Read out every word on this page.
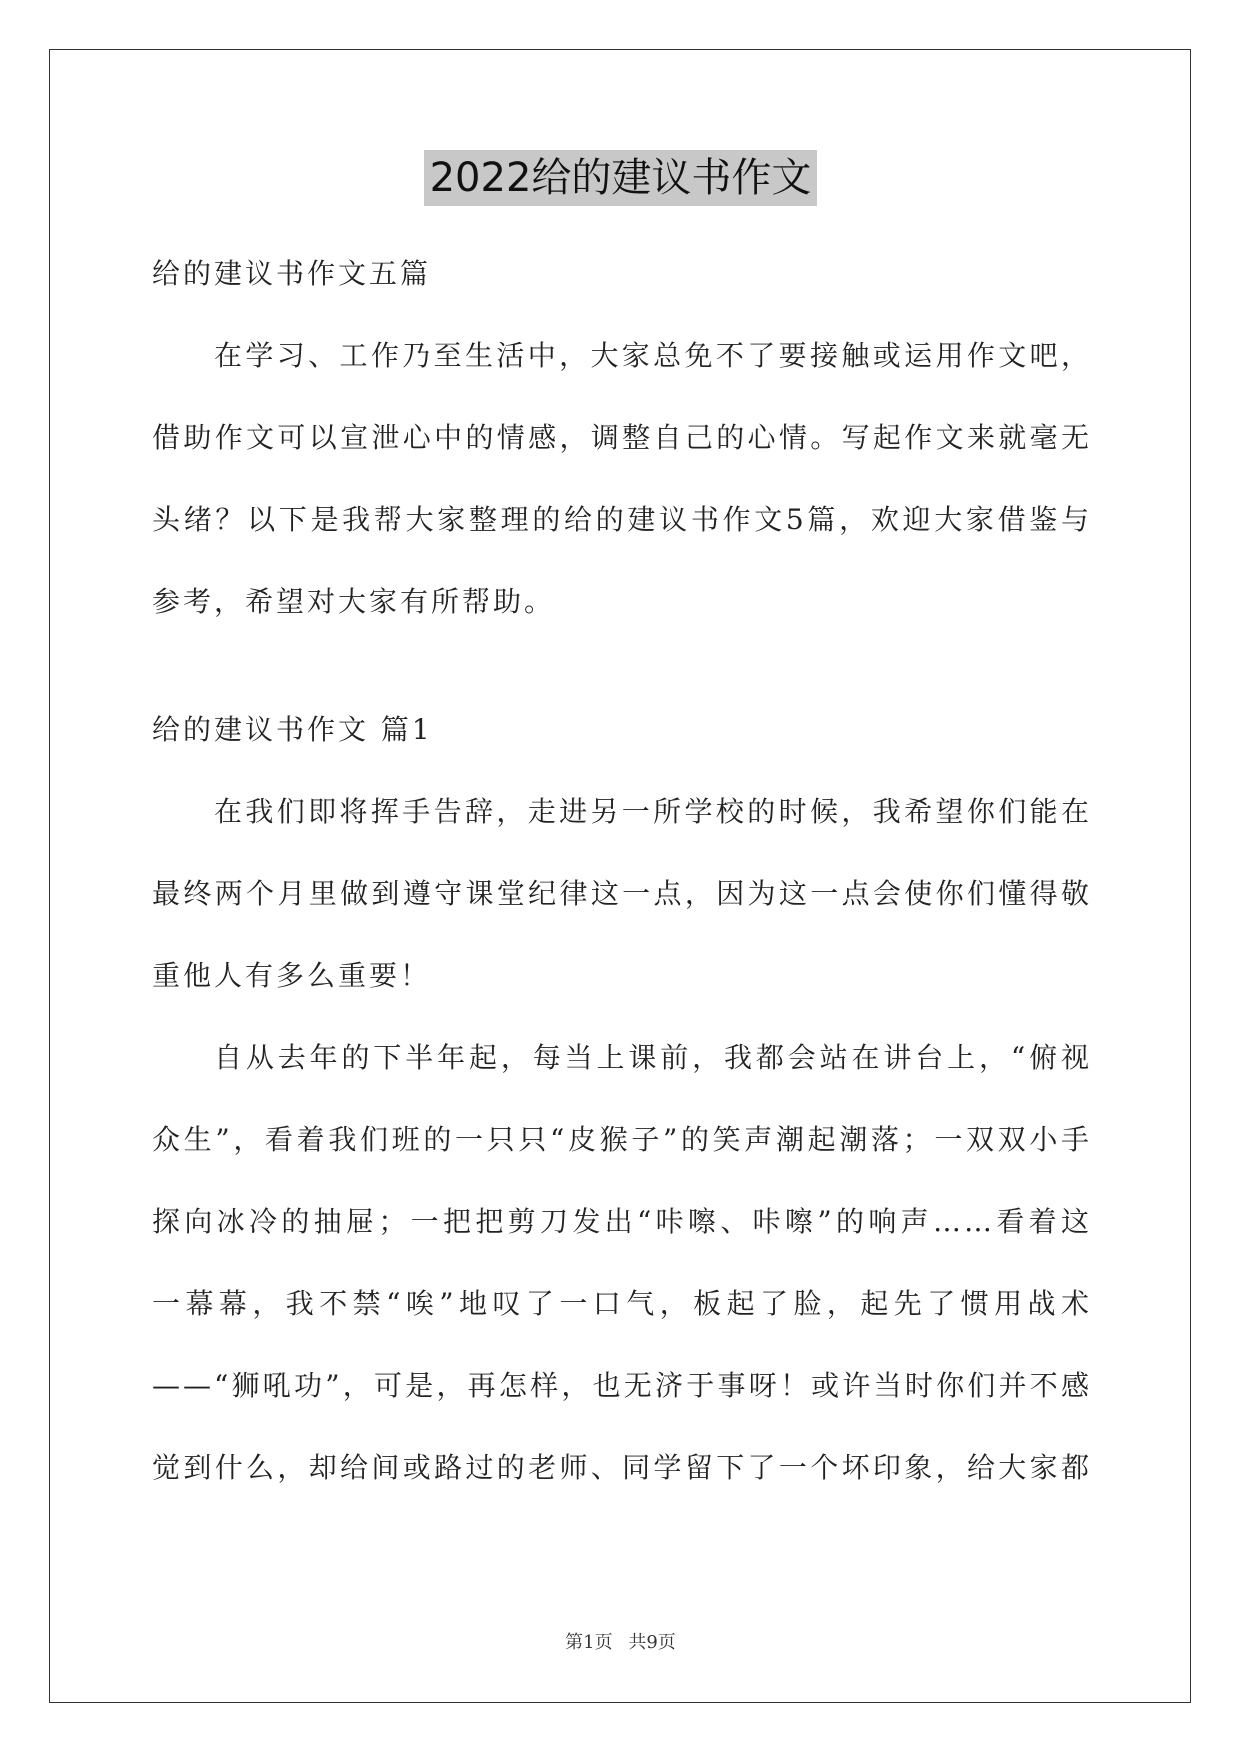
2022给的建议书作文
给的建议书作文五篇
在学习、工作乃至生活中，大家总免不了要接触或运用作文吧，
借助作文可以宣泄心中的情感，调整自己的心情。写起作文来就毫无
头绪？以下是我帮大家整理的给的建议书作文5篇，欢迎大家借鉴与
参考，希望对大家有所帮助。
给的建议书作文 篇1
在我们即将挥手告辞，走进另一所学校的时候，我希望你们能在
最终两个月里做到遵守课堂纪律这一点，因为这一点会使你们懂得敬
重他人有多么重要！
自从去年的下半年起，每当上课前，我都会站在讲台上，“俯视
众生”，看着我们班的一只只“皮猴子”的笑声潮起潮落；一双双小手
探向冰冷的抽屉；一把把剪刀发出“咔嚓、咔嚓”的响声……看着这
一幕幕，我不禁“唉”地叹了一口气，板起了脸，起先了惯用战术
——“狮吼功”，可是，再怎样，也无济于事呀！或许当时你们并不感
觉到什么，却给间或路过的老师、同学留下了一个坏印象，给大家都
第1页 共9页
